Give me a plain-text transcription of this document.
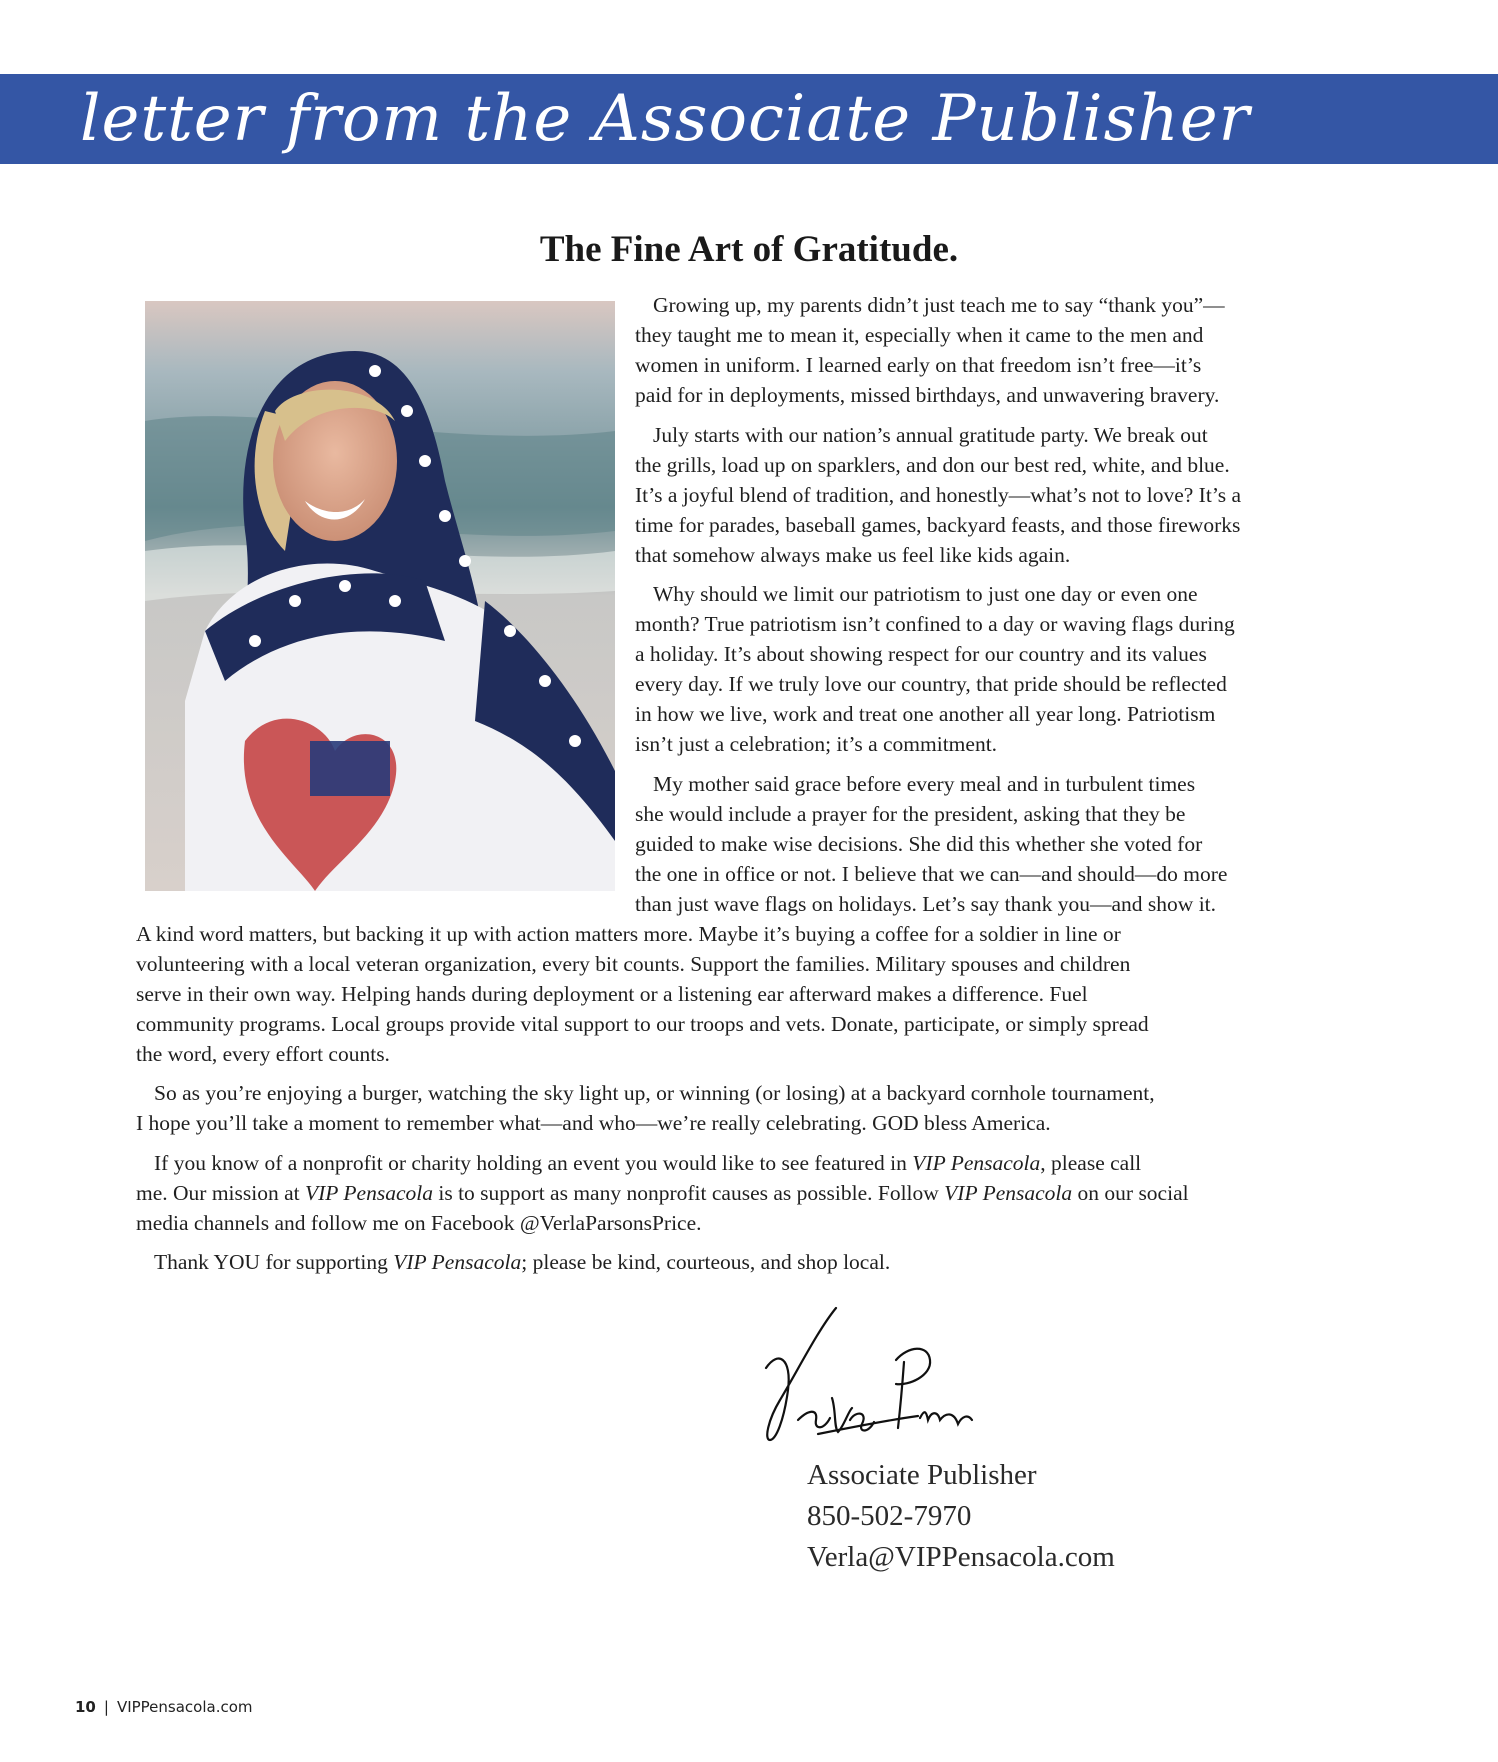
letter from the Associate Publisher
The Fine Art of Gratitude.

Growing up, my parents didn’t just teach me to say “thank you”—
they taught me to mean it, especially when it came to the men and
women in uniform. I learned early on that freedom isn’t free—it’s
paid for in deployments, missed birthdays, and unwavering bravery.

July starts with our nation’s annual gratitude party. We break out
the grills, load up on sparklers, and don our best red, white, and blue.
It’s a joyful blend of tradition, and honestly—what’s not to love? It’s a
time for parades, baseball games, backyard feasts, and those fireworks
that somehow always make us feel like kids again.

Why should we limit our patriotism to just one day or even one
month? True patriotism isn’t confined to a day or waving flags during
a holiday. It’s about showing respect for our country and its values
every day. If we truly love our country, that pride should be reflected
in how we live, work and treat one another all year long. Patriotism
isn’t just a celebration; it’s a commitment.

My mother said grace before every meal and in turbulent times
she would include a prayer for the president, asking that they be
guided to make wise decisions. She did this whether she voted for
the one in office or not. I believe that we can—and should—do more
than just wave flags on holidays. Let’s say thank you—and show it.
A kind word matters, but backing it up with action matters more. Maybe it’s buying a coffee for a soldier in line or
volunteering with a local veteran organization, every bit counts. Support the families. Military spouses and children
serve in their own way. Helping hands during deployment or a listening ear afterward makes a difference. Fuel
community programs. Local groups provide vital support to our troops and vets. Donate, participate, or simply spread
the word, every effort counts.

So as you’re enjoying a burger, watching the sky light up, or winning (or losing) at a backyard cornhole tournament,
I hope you’ll take a moment to remember what—and who—we’re really celebrating. GOD bless America.

If you know of a nonprofit or charity holding an event you would like to see featured in VIP Pensacola, please call
me. Our mission at VIP Pensacola is to support as many nonprofit causes as possible. Follow VIP Pensacola on our social
media channels and follow me on Facebook @VerlaParsonsPrice.

Thank YOU for supporting VIP Pensacola; please be kind, courteous, and shop local.

Associate Publisher
850-502-7970
Verla@VIPPensacola.com
10 | VIPPensacola.com
